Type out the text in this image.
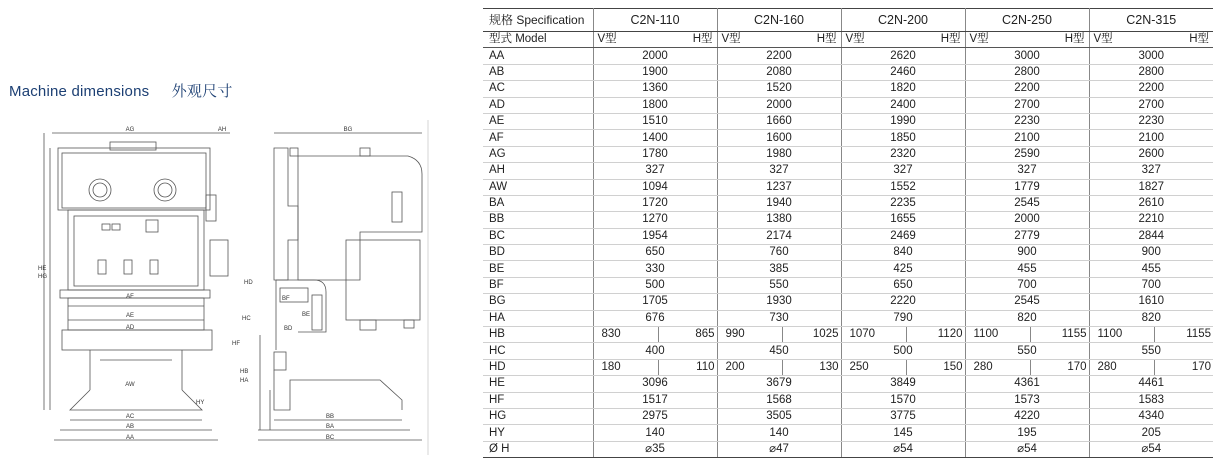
Machine dimensions 外观尺寸
AG	AH
HE
HG
AF
AE
AD
AW
AC
AB
AA
HY
BG
HD
BF
BE
BD
HC
HF
HB
HA
BB
BA
BC
规格 Specification	C2N-110	C2N-160	C2N-200	C2N-250	C2N-315
型式 Model	V型 H型	V型 H型	V型 H型	V型 H型	V型 H型

AA	2000	2200	2620	3000	3000
AB	1900	2080	2460	2800	2800
AC	1360	1520	1820	2200	2200
AD	1800	2000	2400	2700	2700
AE	1510	1660	1990	2230	2230
AF	1400	1600	1850	2100	2100
AG	1780	1980	2320	2590	2600
AH	327	327	327	327	327
AW	1094	1237	1552	1779	1827
BA	1720	1940	2235	2545	2610
BB	1270	1380	1655	2000	2210
BC	1954	2174	2469	2779	2844
BD	650	760	840	900	900
BE	330	385	425	455	455
BF	500	550	650	700	700
BG	1705	1930	2220	2545	1610
HA	676	730	790	820	820
HB	830 865	990 1025	1070 1120	1100 1155	1100 1155

HC	400	450	500	550	550
HD	180 110	200 130	250 150	280 170	280 170

HE	3096	3679	3849	4361	4461
HF	1517	1568	1570	1573	1583
HG	2975	3505	3775	4220	4340
HY	140	140	145	195	205
Ø H	⌀35	⌀47	⌀54	⌀54	⌀54
